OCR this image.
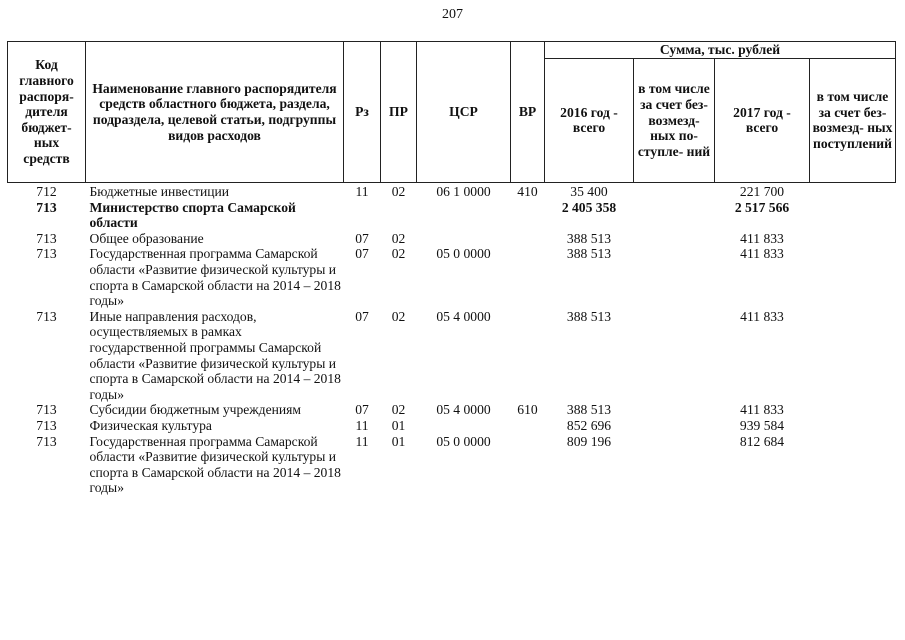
207
Код главного распоря- дителя бюджет- ных средств	Наименование главного распорядителя средств областного бюджета, раздела, подраздела, целевой статьи, подгруппы видов расходов	Рз	ПР	ЦСР	ВР	Сумма, тыс. рублей			
						2016 год - всего	в том числе за счет без- возмезд- ных по- ступле- ний	2017 год - всего	в том числе за счет без- возмезд- ных поступлений
712	Бюджетные инвестиции	11	02	06 1 0000	410	35 400		221 700	
713	Министерство спорта Самарской области					2 405 358		2 517 566	
713	Общее образование	07	02			388 513		411 833	
713	Государственная программа Самарской области «Развитие физической культуры и спорта в Самарской области на 2014 – 2018 годы»	07	02	05 0 0000		388 513		411 833	
713	Иные направления расходов, осуществляемых в рамках государственной программы Самарской области «Развитие физической культуры и спорта в Самарской области на 2014 – 2018 годы»	07	02	05 4 0000		388 513		411 833	
713	Субсидии бюджетным учреждениям	07	02	05 4 0000	610	388 513		411 833	
713	Физическая культура	11	01			852 696		939 584	
713	Государственная программа Самарской области «Развитие физической культуры и спорта в Самарской области на 2014 – 2018 годы»	11	01	05 0 0000		809 196		812 684	
